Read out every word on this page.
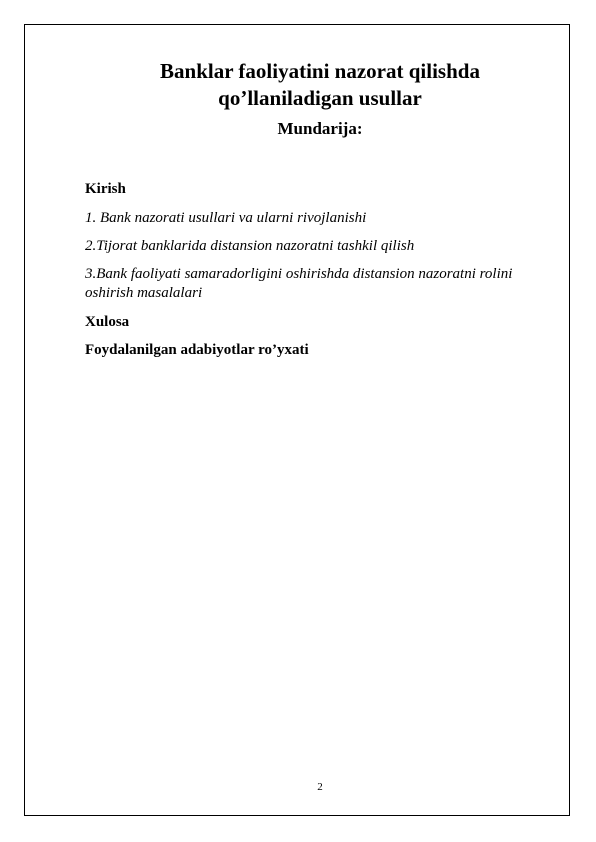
Banklar faoliyatini nazorat qilishda
qo’llaniladigan usullar
Mundarija:

Kirish

1. Bank nazorati usullari va ularni rivojlanishi

2.Tijorat banklarida distansion nazoratni tashkil qilish

3.Bank faoliyati samaradorligini oshirishda distansion nazoratni rolini oshirish masalalari

Xulosa

Foydalanilgan adabiyotlar ro’yxati

2
